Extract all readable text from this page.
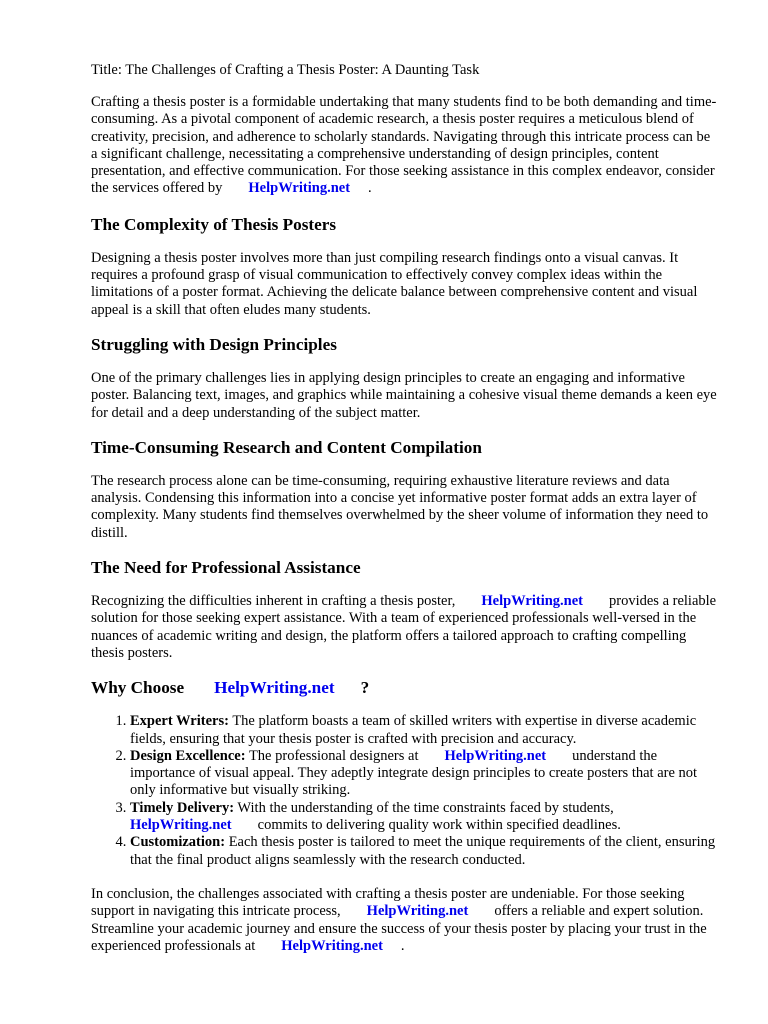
Title: The Challenges of Crafting a Thesis Poster: A Daunting Task

Crafting a thesis poster is a formidable undertaking that many students find to be both demanding and time-consuming. As a pivotal component of academic research, a thesis poster requires a meticulous blend of creativity, precision, and adherence to scholarly standards. Navigating through this intricate process can be a significant challenge, necessitating a comprehensive understanding of design principles, content presentation, and effective communication. For those seeking assistance in this complex endeavor, consider the services offered by HelpWriting.net .

The Complexity of Thesis Posters

Designing a thesis poster involves more than just compiling research findings onto a visual canvas. It requires a profound grasp of visual communication to effectively convey complex ideas within the limitations of a poster format. Achieving the delicate balance between comprehensive content and visual appeal is a skill that often eludes many students.

Struggling with Design Principles

One of the primary challenges lies in applying design principles to create an engaging and informative poster. Balancing text, images, and graphics while maintaining a cohesive visual theme demands a keen eye for detail and a deep understanding of the subject matter.

Time-Consuming Research and Content Compilation

The research process alone can be time-consuming, requiring exhaustive literature reviews and data analysis. Condensing this information into a concise yet informative poster format adds an extra layer of complexity. Many students find themselves overwhelmed by the sheer volume of information they need to distill.

The Need for Professional Assistance

Recognizing the difficulties inherent in crafting a thesis poster, HelpWriting.net provides a reliable solution for those seeking expert assistance. With a team of experienced professionals well-versed in the nuances of academic writing and design, the platform offers a tailored approach to crafting compelling thesis posters.

Why Choose HelpWriting.net ?
1. Expert Writers: The platform boasts a team of skilled writers with expertise in diverse academic fields, ensuring that your thesis poster is crafted with precision and accuracy.
2. Design Excellence: The professional designers at HelpWriting.net understand the importance of visual appeal. They adeptly integrate design principles to create posters that are not only informative but visually striking.
3. Timely Delivery: With the understanding of the time constraints faced by students, HelpWriting.net commits to delivering quality work within specified deadlines.
4. Customization: Each thesis poster is tailored to meet the unique requirements of the client, ensuring that the final product aligns seamlessly with the research conducted.

In conclusion, the challenges associated with crafting a thesis poster are undeniable. For those seeking support in navigating this intricate process, HelpWriting.net offers a reliable and expert solution. Streamline your academic journey and ensure the success of your thesis poster by placing your trust in the experienced professionals at HelpWriting.net .
